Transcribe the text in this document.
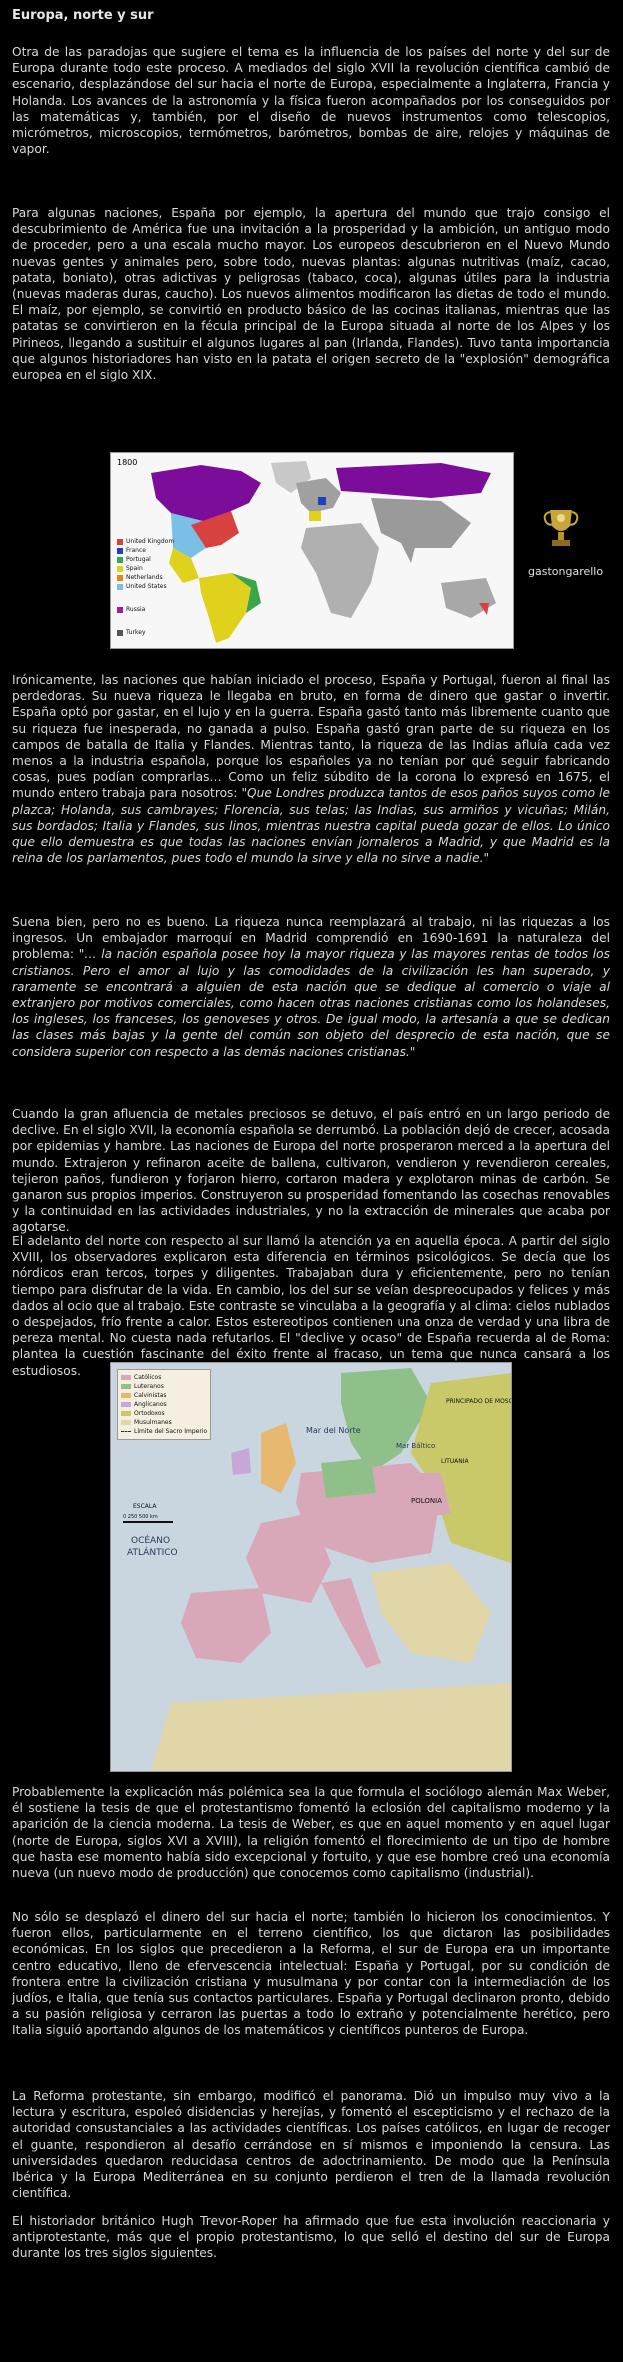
Europa, norte y sur

Otra de las paradojas que sugiere el tema es la influencia de los países del norte y del sur de Europa durante todo este proceso. A mediados del siglo XVII la revolución científica cambió de escenario, desplazándose del sur hacia el norte de Europa, especialmente a Inglaterra, Francia y Holanda. Los avances de la astronomía y la física fueron acompañados por los conseguidos por las matemáticas y, también, por el diseño de nuevos instrumentos como telescopios, micrómetros, microscopios, termómetros, barómetros, bombas de aire, relojes y máquinas de vapor.

Para algunas naciones, España por ejemplo, la apertura del mundo que trajo consigo el descubrimiento de América fue una invitación a la prosperidad y la ambición, un antiguo modo de proceder, pero a una escala mucho mayor. Los europeos descubrieron en el Nuevo Mundo nuevas gentes y animales pero, sobre todo, nuevas plantas: algunas nutritivas (maíz, cacao, patata, boniato), otras adictivas y peligrosas (tabaco, coca), algunas útiles para la industria (nuevas maderas duras, caucho). Los nuevos alimentos modificaron las dietas de todo el mundo. El maíz, por ejemplo, se convirtió en producto básico de las cocinas italianas, mientras que las patatas se convirtieron en la fécula principal de la Europa situada al norte de los Alpes y los Pirineos, llegando a sustituir el algunos lugares al pan (Irlanda, Flandes). Tuvo tanta importancia que algunos historiadores han visto en la patata el origen secreto de la "explosión" demográfica europea en el siglo XIX.

1800
United Kingdom
France
Portugal
Spain
Netherlands
United States
Russia
Turkey
gastongarello

Irónicamente, las naciones que habían iniciado el proceso, España y Portugal, fueron al final las perdedoras. Su nueva riqueza le llegaba en bruto, en forma de dinero que gastar o invertir. España optó por gastar, en el lujo y en la guerra. España gastó tanto más libremente cuanto que su riqueza fue inesperada, no ganada a pulso. España gastó gran parte de su riqueza en los campos de batalla de Italia y Flandes. Mientras tanto, la riqueza de las Indias afluía cada vez menos a la industria española, porque los españoles ya no tenían por qué seguir fabricando cosas, pues podían comprarlas… Como un feliz súbdito de la corona lo expresó en 1675, el mundo entero trabaja para nosotros: "Que Londres produzca tantos de esos paños suyos como le plazca; Holanda, sus cambrayes; Florencia, sus telas; las Indias, sus armiños y vicuñas; Milán, sus bordados; Italia y Flandes, sus linos, mientras nuestra capital pueda gozar de ellos. Lo único que ello demuestra es que todas las naciones envían jornaleros a Madrid, y que Madrid es la reina de los parlamentos, pues todo el mundo la sirve y ella no sirve a nadie."

Suena bien, pero no es bueno. La riqueza nunca reemplazará al trabajo, ni las riquezas a los ingresos. Un embajador marroquí en Madrid comprendió en 1690-1691 la naturaleza del problema: "… la nación española posee hoy la mayor riqueza y las mayores rentas de todos los cristianos. Pero el amor al lujo y las comodidades de la civilización les han superado, y raramente se encontrará a alguien de esta nación que se dedique al comercio o viaje al extranjero por motivos comerciales, como hacen otras naciones cristianas como los holandeses, los ingleses, los franceses, los genoveses y otros. De igual modo, la artesanía a que se dedican las clases más bajas y la gente del común son objeto del desprecio de esta nación, que se considera superior con respecto a las demás naciones cristianas."

Cuando la gran afluencia de metales preciosos se detuvo, el país entró en un largo periodo de declive. En el siglo XVII, la economía española se derrumbó. La población dejó de crecer, acosada por epidemias y hambre. Las naciones de Europa del norte prosperaron merced a la apertura del mundo. Extrajeron y refinaron aceite de ballena, cultivaron, vendieron y revendieron cereales, tejieron paños, fundieron y forjaron hierro, cortaron madera y explotaron minas de carbón. Se ganaron sus propios imperios. Construyeron su prosperidad fomentando las cosechas renovables y la continuidad en las actividades industriales, y no la extracción de minerales que acaba por agotarse.

El adelanto del norte con respecto al sur llamó la atención ya en aquella época. A partir del siglo XVIII, los observadores explicaron esta diferencia en términos psicológicos. Se decía que los nórdicos eran tercos, torpes y diligentes. Trabajaban dura y eficientemente, pero no tenían tiempo para disfrutar de la vida. En cambio, los del sur se veían despreocupados y felices y más dados al ocio que al trabajo. Este contraste se vinculaba a la geografía y al clima: cielos nublados o despejados, frío frente a calor. Estos estereotipos contienen una onza de verdad y una libra de pereza mental. No cuesta nada refutarlos. El "declive y ocaso" de España recuerda al de Roma: plantea la cuestión fascinante del éxito frente al fracaso, un tema que nunca cansará a los estudiosos.

Mar del Norte
Mar Báltico
OCÉANO
ATLÁNTICO
POLONIA
LITUANIA
PRINCIPADO DE MOSCÚ
ESCALA
0 250 500 km
Católicos
Luteranos
Calvinistas
Anglicanos
Ortodoxos
Musulmanes
Límite del Sacro Imperio

Probablemente la explicación más polémica sea la que formula el sociólogo alemán Max Weber, él sostiene la tesis de que el protestantismo fomentó la eclosión del capitalismo moderno y la aparición de la ciencia moderna. La tesis de Weber, es que en aquel momento y en aquel lugar (norte de Europa, siglos XVI a XVIII), la religión fomentó el florecimiento de un tipo de hombre que hasta ese momento había sido excepcional y fortuito, y que ese hombre creó una economía nueva (un nuevo modo de producción) que conocemos como capitalismo (industrial).

No sólo se desplazó el dinero del sur hacia el norte; también lo hicieron los conocimientos. Y fueron ellos, particularmente en el terreno científico, los que dictaron las posibilidades económicas. En los siglos que precedieron a la Reforma, el sur de Europa era un importante centro educativo, lleno de efervescencia intelectual: España y Portugal, por su condición de frontera entre la civilización cristiana y musulmana y por contar con la intermediación de los judíos, e Italia, que tenía sus contactos particulares. España y Portugal declinaron pronto, debido a su pasión religiosa y cerraron las puertas a todo lo extraño y potencialmente herético, pero Italia siguió aportando algunos de los matemáticos y científicos punteros de Europa.

La Reforma protestante, sin embargo, modificó el panorama. Dió un impulso muy vivo a la lectura y escritura, espoleó disidencias y herejías, y fomentó el escepticismo y el rechazo de la autoridad consustanciales a las actividades científicas. Los países católicos, en lugar de recoger el guante, respondieron al desafío cerrándose en sí mismos e imponiendo la censura. Las universidades quedaron reducidasa centros de adoctrinamiento. De modo que la Península Ibérica y la Europa Mediterránea en su conjunto perdieron el tren de la llamada revolución científica.

El historiador británico Hugh Trevor-Roper ha afirmado que fue esta involución reaccionaria y antiprotestante, más que el propio protestantismo, lo que selló el destino del sur de Europa durante los tres siglos siguientes.
